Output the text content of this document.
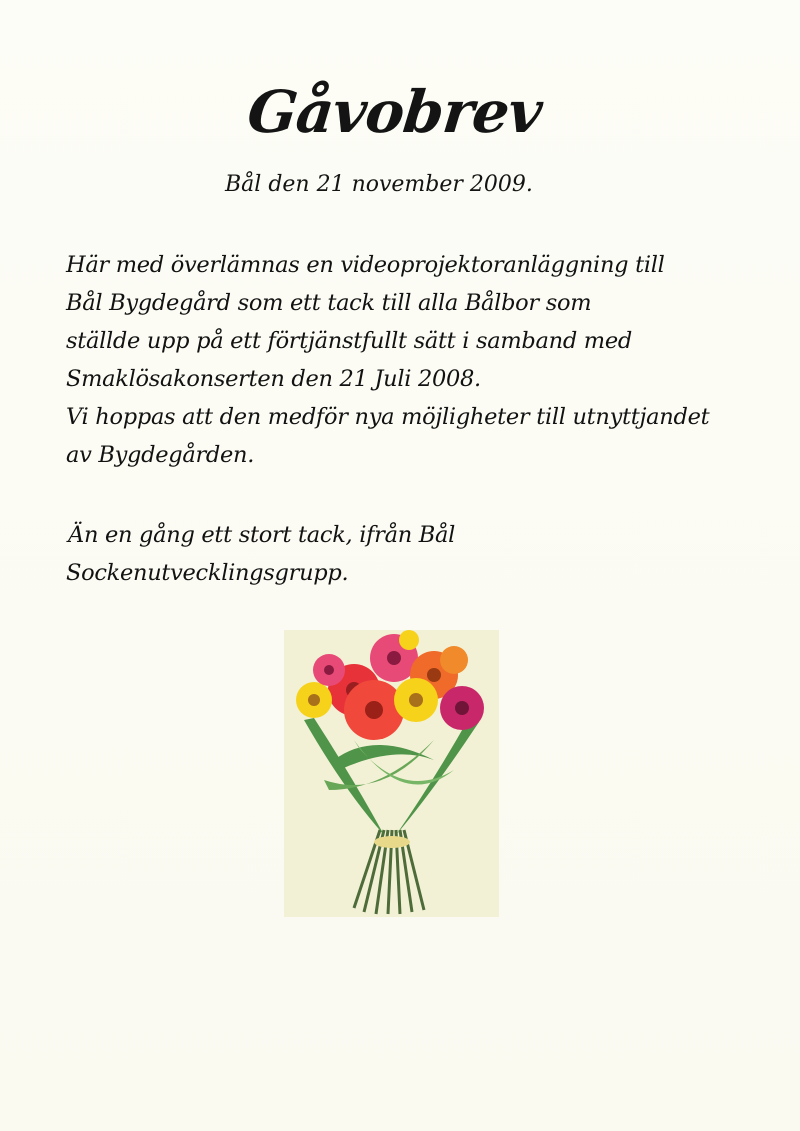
Gåvobrev
Bål den 21 november 2009.
Här med överlämnas en videoprojektoranläggning till
Bål Bygdegård som ett tack till alla Bålbor som
ställde upp på ett förtjänstfullt sätt i samband med
Smaklösakonserten den 21 Juli 2008.
Vi hoppas att den medför nya möjligheter till utnyttjandet
av Bygdegården.
Än en gång ett stort tack, ifrån Bål
Sockenutvecklingsgrupp.
